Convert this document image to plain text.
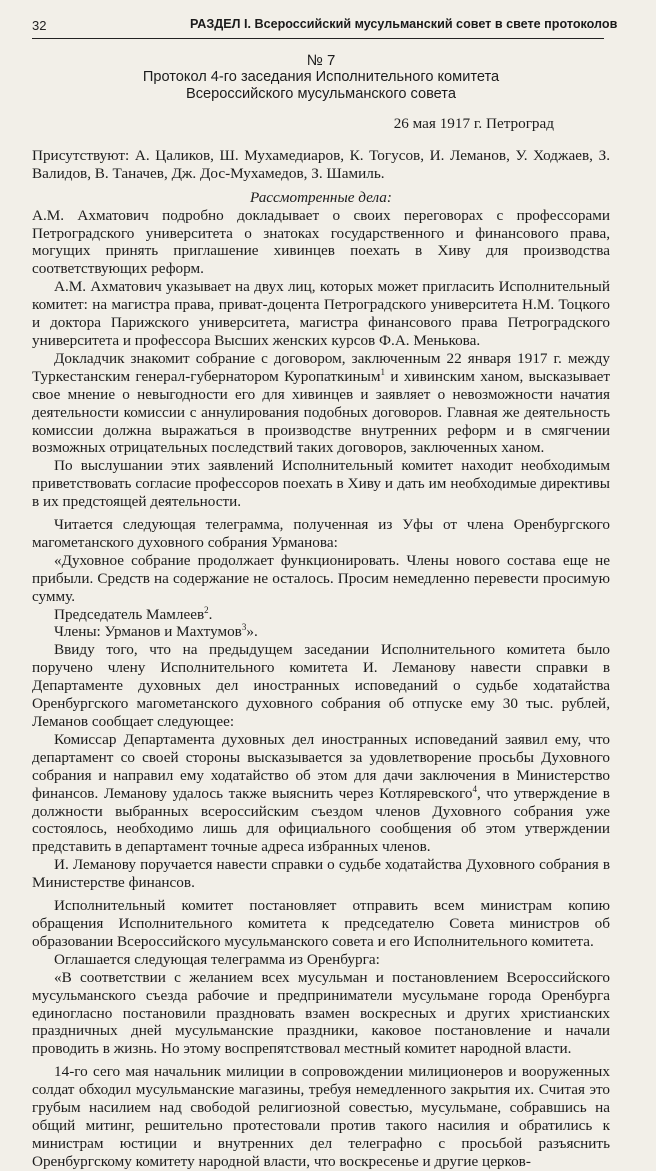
32	РАЗДЕЛ I. Всероссийский мусульманский совет в свете протоколов
№ 7
Протокол 4-го заседания Исполнительного комитета
Всероссийского мусульманского совета
26 мая 1917 г. Петроград

Присутствуют: А. Цаликов, Ш. Мухамедиаров, К. Тогусов, И. Леманов, У. Ходжаев, З. Валидов, В. Таначев, Дж. Дос-Мухамедов, З. Шамиль.

Рассмотренные дела:

А.М. Ахматович подробно докладывает о своих переговорах с профессорами Петроградского университета о знатоках государственного и финансового права, могущих принять приглашение хивинцев поехать в Хиву для производства соответствующих реформ.

А.М. Ахматович указывает на двух лиц, которых может пригласить Исполнительный комитет: на магистра права, приват-доцента Петроградского университета Н.М. Тоцкого и доктора Парижского университета, магистра финансового права Петроградского университета и профессора Высших женских курсов Ф.А. Менькова.

Докладчик знакомит собрание с договором, заключенным 22 января 1917 г. между Туркестанским генерал-губернатором Куропаткиным$^1$ и хивинским ханом, высказывает свое мнение о невыгодности его для хивинцев и заявляет о невозможности начатия деятельности комиссии с аннулирования подобных договоров. Главная же деятельность комиссии должна выражаться в производстве внутренних реформ и в смягчении возможных отрицательных последствий таких договоров, заключенных ханом.

По выслушании этих заявлений Исполнительный комитет находит необходимым приветствовать согласие профессоров поехать в Хиву и дать им необходимые директивы в их предстоящей деятельности.

Читается следующая телеграмма, полученная из Уфы от члена Оренбургского магометанского духовного собрания Урманова:

«Духовное собрание продолжает функционировать. Члены нового состава еще не прибыли. Средств на содержание не осталось. Просим немедленно перевести просимую сумму.

Председатель Мамлеев$^2$.

Члены: Урманов и Махтумов$^3$».

Ввиду того, что на предыдущем заседании Исполнительного комитета было поручено члену Исполнительного комитета И. Леманову навести справки в Департаменте духовных дел иностранных исповеданий о судьбе ходатайства Оренбургского магометанского духовного собрания об отпуске ему 30 тыс. рублей, Леманов сообщает следующее:

Комиссар Департамента духовных дел иностранных исповеданий заявил ему, что департамент со своей стороны высказывается за удовлетворение просьбы Духовного собрания и направил ему ходатайство об этом для дачи заключения в Министерство финансов. Леманову удалось также выяснить через Котляревского$^4$, что утверждение в должности выбранных всероссийским съездом членов Духовного собрания уже состоялось, необходимо лишь для официального сообщения об этом утверждении представить в департамент точные адреса избранных членов.

И. Леманову поручается навести справки о судьбе ходатайства Духовного собрания в Министерстве финансов.

Исполнительный комитет постановляет отправить всем министрам копию обращения Исполнительного комитета к председателю Совета министров об образовании Всероссийского мусульманского совета и его Исполнительного комитета.

Оглашается следующая телеграмма из Оренбурга:

«В соответствии с желанием всех мусульман и постановлением Всероссийского мусульманского съезда рабочие и предприниматели мусульмане города Оренбурга единогласно постановили праздновать взамен воскресных и других христианских праздничных дней мусульманские праздники, каковое постановление и начали проводить в жизнь. Но этому воспрепятствовал местный комитет народной власти.

14-го сего мая начальник милиции в сопровождении милиционеров и вооруженных солдат обходил мусульманские магазины, требуя немедленного закрытия их. Считая это грубым насилием над свободой религиозной совестью, мусульмане, собравшись на общий митинг, решительно протестовали против такого насилия и обратились к министрам юстиции и внутренних дел телеграфно с просьбой разъяснить Оренбургскому комитету народной власти, что воскресенье и другие церков-
